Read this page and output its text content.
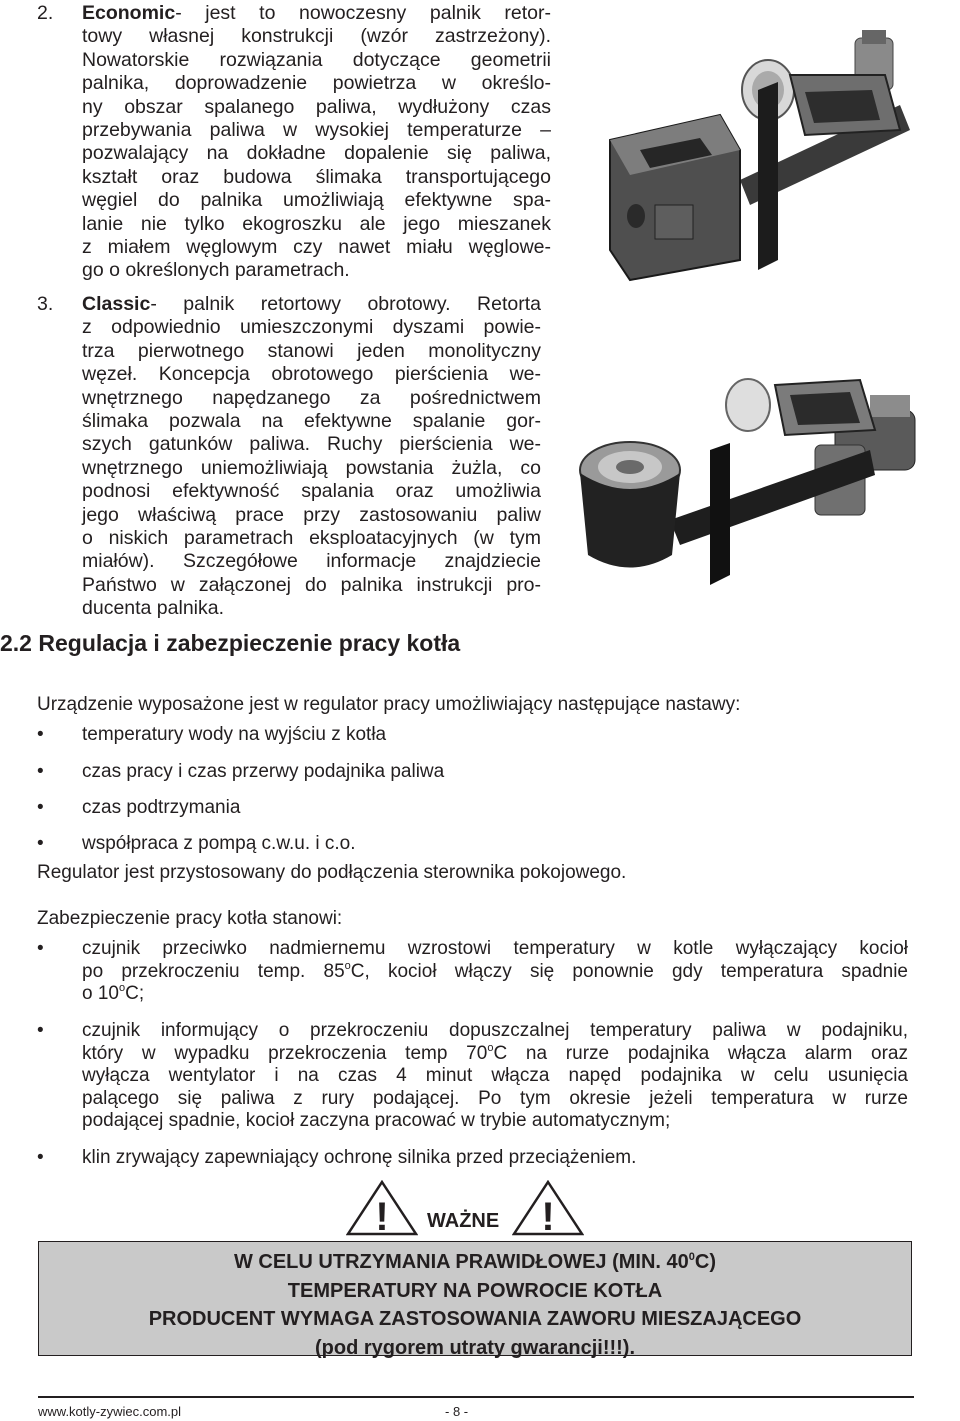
2. Economic- jest to nowoczesny palnik retor-
towy własnej konstrukcji (wzór zastrzeżony).
Nowatorskie rozwiązania dotyczące geometrii
palnika, doprowadzenie powietrza w określo-
ny obszar spalanego paliwa, wydłużony czas
przebywania paliwa w wysokiej temperaturze –
pozwalający na dokładne dopalenie się paliwa,
kształt oraz budowa ślimaka transportującego
węgiel do palnika umożliwiają efektywne spa-
lanie nie tylko ekogroszku ale jego mieszanek
z miałem węglowym czy nawet miału węglowe-
go o określonych parametrach.
3. Classic- palnik retortowy obrotowy. Retorta
z odpowiednio umieszczonymi dyszami powie-
trza pierwotnego stanowi jeden monolityczny
węzeł. Koncepcja obrotowego pierścienia we-
wnętrznego napędzanego za pośrednictwem
ślimaka pozwala na efektywne spalanie gor-
szych gatunków paliwa. Ruchy pierścienia we-
wnętrznego uniemożliwiają powstania żużla, co
podnosi efektywność spalania oraz umożliwia
jego właściwą prace przy zastosowaniu paliw
o niskich parametrach eksploatacyjnych (w tym
miałów). Szczegółowe informacje znajdziecie
Państwo w załączonej do palnika instrukcji pro-
ducenta palnika.
2.2 Regulacja i zabezpieczenie pracy kotła
Urządzenie wyposażone jest w regulator pracy umożliwiający następujące nastawy:
• temperatury wody na wyjściu z kotła
• czas pracy i czas przerwy podajnika paliwa
• czas podtrzymania
• współpraca z pompą c.w.u. i c.o.
Regulator jest przystosowany do podłączenia sterownika pokojowego.
Zabezpieczenie pracy kotła stanowi:
• czujnik przeciwko nadmiernemu wzrostowi temperatury w kotle wyłączający kocioł
po przekroczeniu temp. 85$^o$C, kocioł włączy się ponownie gdy temperatura spadnie
o 10$^o$C;
• czujnik informujący o przekroczeniu dopuszczalnej temperatury paliwa w podajniku,
który w wypadku przekroczenia temp 70$^o$C na rurze podajnika włącza alarm oraz
wyłącza wentylator i na czas 4 minut włącza napęd podajnika w celu usunięcia
palącego się paliwa z rury podającej. Po tym okresie jeżeli temperatura w rurze
podającej spadnie, kocioł zaczyna pracować w trybie automatycznym;
• klin zrywający zapewniający ochronę silnika przed przeciążeniem.
! WAŻNE !
W CELU UTRZYMANIA PRAWIDŁOWEJ (MIN. $40^0C$)
TEMPERATURY NA POWROCIE KOTŁA
PRODUCENT WYMAGA ZASTOSOWANIA ZAWORU MIESZAJĄCEGO
(pod rygorem utraty gwarancji!!!).
www.kotly-zywiec.com.pl	- 8 -
